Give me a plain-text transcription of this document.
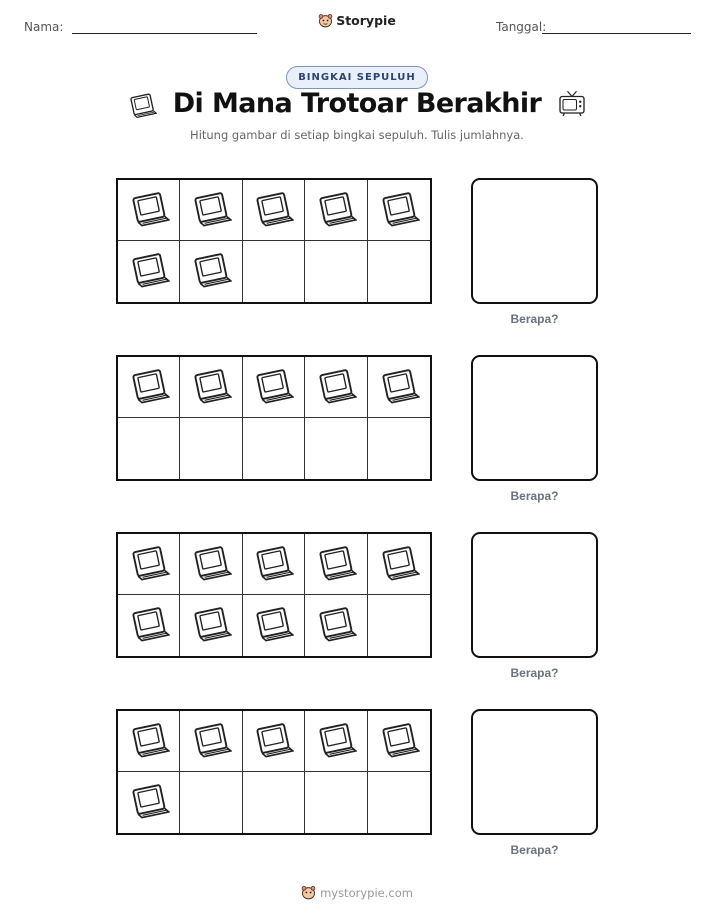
Nama:	Storypie	Tanggal:
BINGKAI SEPULUH
Di Mana Trotoar Berakhir
Hitung gambar di setiap bingkai sepuluh. Tulis jumlahnya.
Berapa?
Berapa?
Berapa?
Berapa?
mystorypie.com
